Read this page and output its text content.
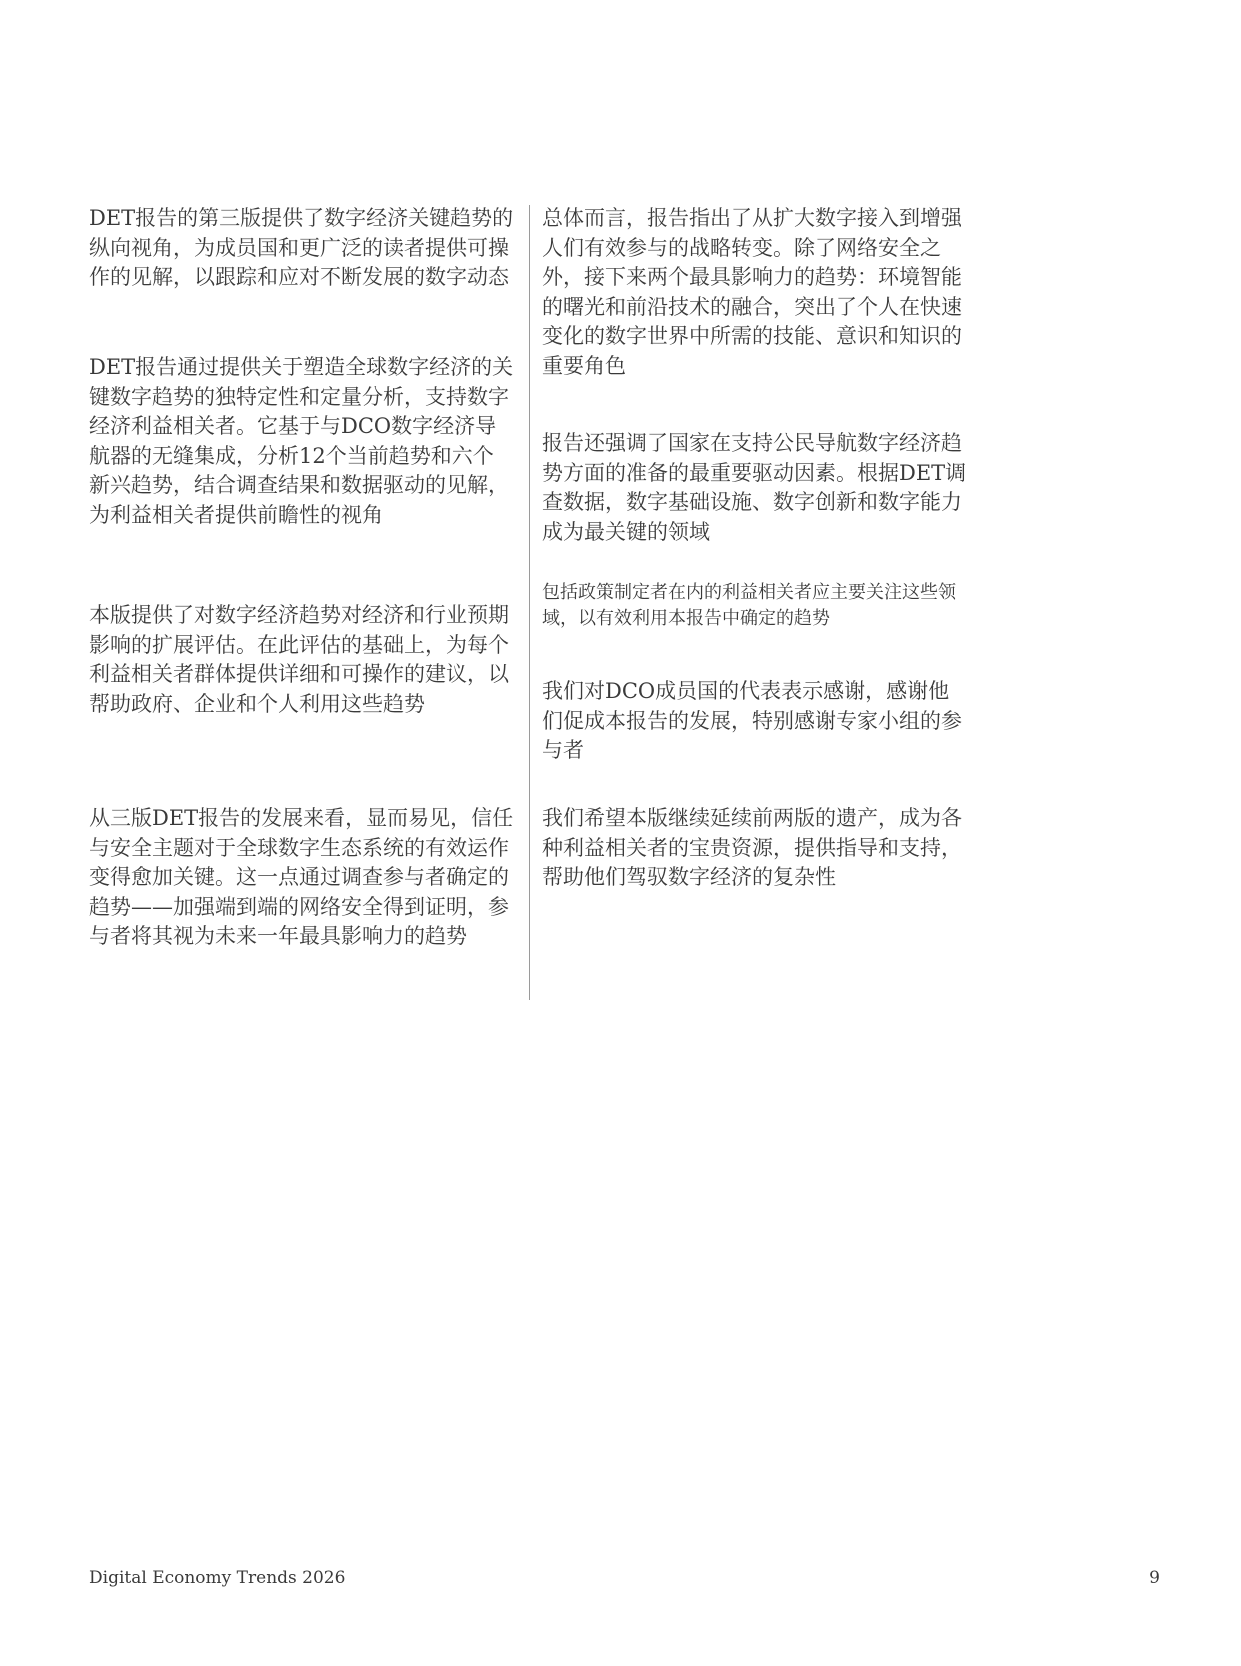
DET报告的第三版提供了数字经济关键趋势的纵向视角，为成员国和更广泛的读者提供可操作的见解，以跟踪和应对不断发展的数字动态

DET报告通过提供关于塑造全球数字经济的关键数字趋势的独特定性和定量分析，支持数字经济利益相关者。它基于与DCO数字经济导航器的无缝集成，分析12个当前趋势和六个新兴趋势，结合调查结果和数据驱动的见解，为利益相关者提供前瞻性的视角

本版提供了对数字经济趋势对经济和行业预期影响的扩展评估。在此评估的基础上，为每个利益相关者群体提供详细和可操作的建议，以帮助政府、企业和个人利用这些趋势

从三版DET报告的发展来看，显而易见，信任与安全主题对于全球数字生态系统的有效运作变得愈加关键。这一点通过调查参与者确定的趋势——加强端到端的网络安全得到证明，参与者将其视为未来一年最具影响力的趋势

总体而言，报告指出了从扩大数字接入到增强人们有效参与的战略转变。除了网络安全之外，接下来两个最具影响力的趋势：环境智能的曙光和前沿技术的融合，突出了个人在快速变化的数字世界中所需的技能、意识和知识的重要角色

报告还强调了国家在支持公民导航数字经济趋势方面的准备的最重要驱动因素。根据DET调查数据，数字基础设施、数字创新和数字能力成为最关键的领域

包括政策制定者在内的利益相关者应主要关注这些领域，以有效利用本报告中确定的趋势

我们对DCO成员国的代表表示感谢，感谢他们促成本报告的发展，特别感谢专家小组的参与者

我们希望本版继续延续前两版的遗产，成为各种利益相关者的宝贵资源，提供指导和支持，帮助他们驾驭数字经济的复杂性

Digital Economy Trends 2026	9
